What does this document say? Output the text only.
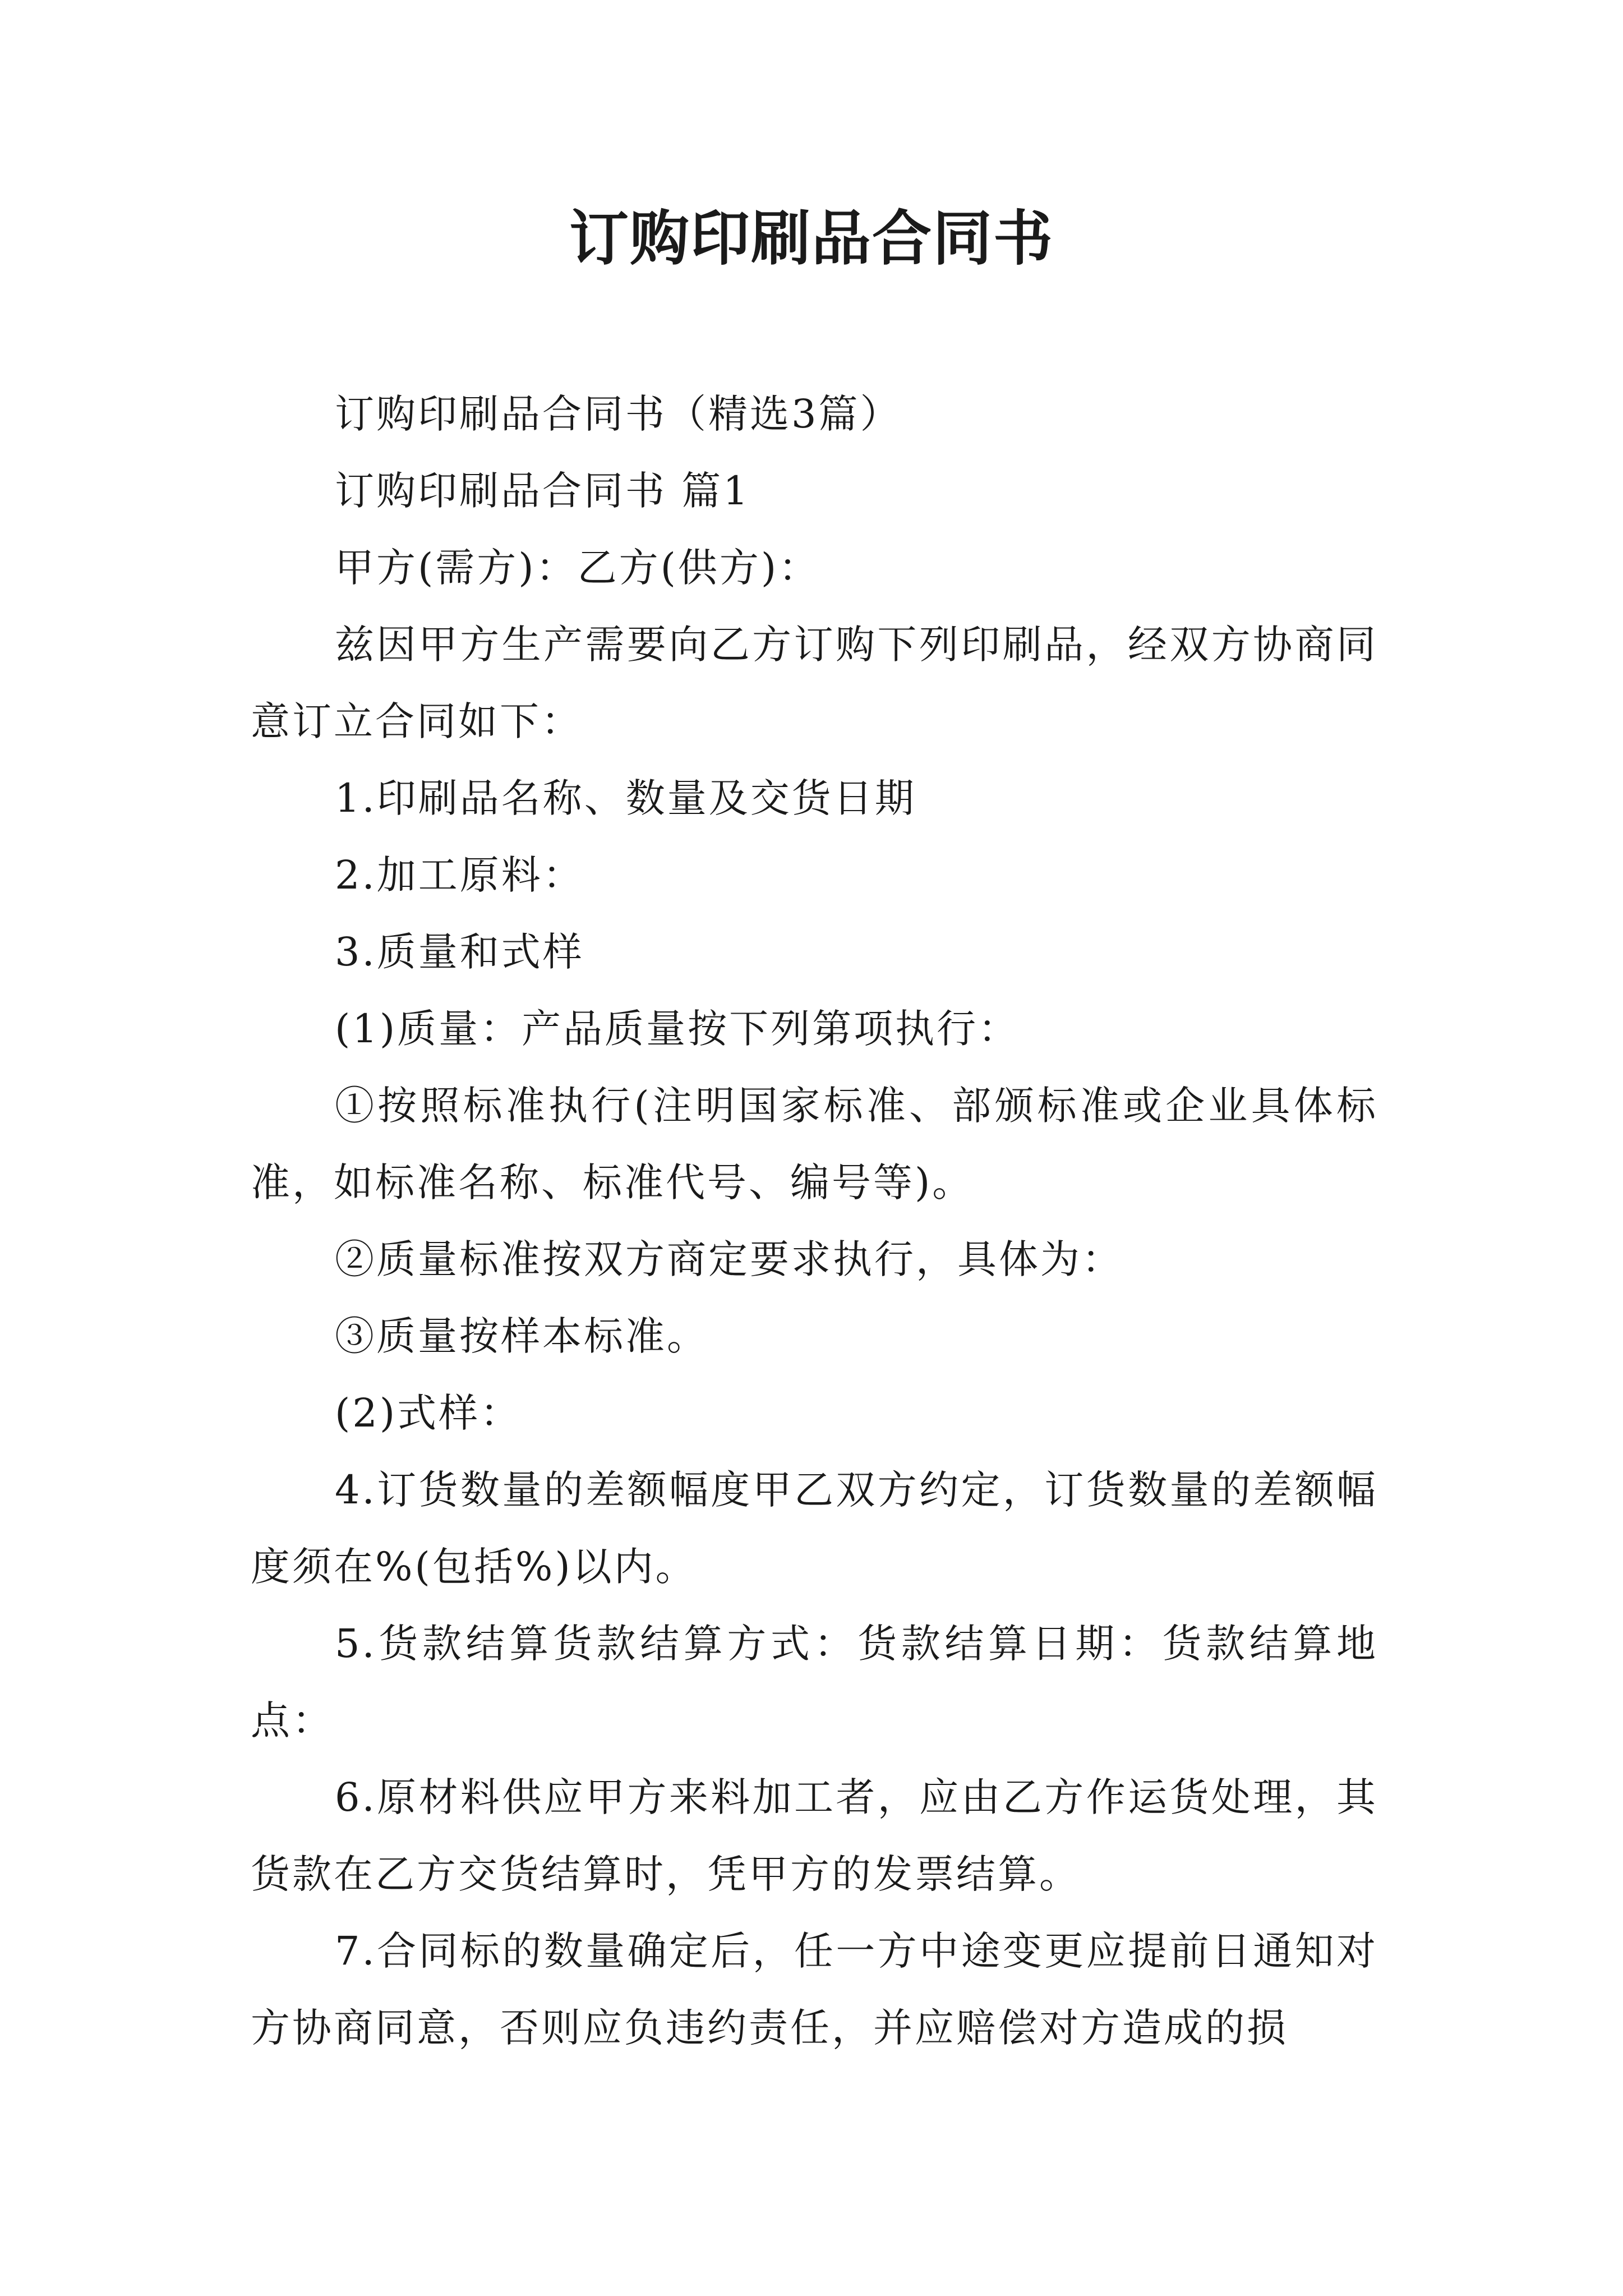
订购印刷品合同书

订购印刷品合同书（精选3篇）

订购印刷品合同书 篇1

甲方(需方)：乙方(供方)：

兹因甲方生产需要向乙方订购下列印刷品，经双方协商同意订立合同如下：

1.印刷品名称、数量及交货日期

2.加工原料：

3.质量和式样

(1)质量：产品质量按下列第项执行：

①按照标准执行(注明国家标准、部颁标准或企业具体标准，如标准名称、标准代号、编号等)。

②质量标准按双方商定要求执行，具体为：

③质量按样本标准。

(2)式样：

4.订货数量的差额幅度甲乙双方约定，订货数量的差额幅度须在%(包括%)以内。

5.货款结算货款结算方式：货款结算日期：货款结算地点：

6.原材料供应甲方来料加工者，应由乙方作运货处理，其货款在乙方交货结算时，凭甲方的发票结算。

7.合同标的数量确定后，任一方中途变更应提前日通知对方协商同意，否则应负违约责任，并应赔偿对方造成的损
